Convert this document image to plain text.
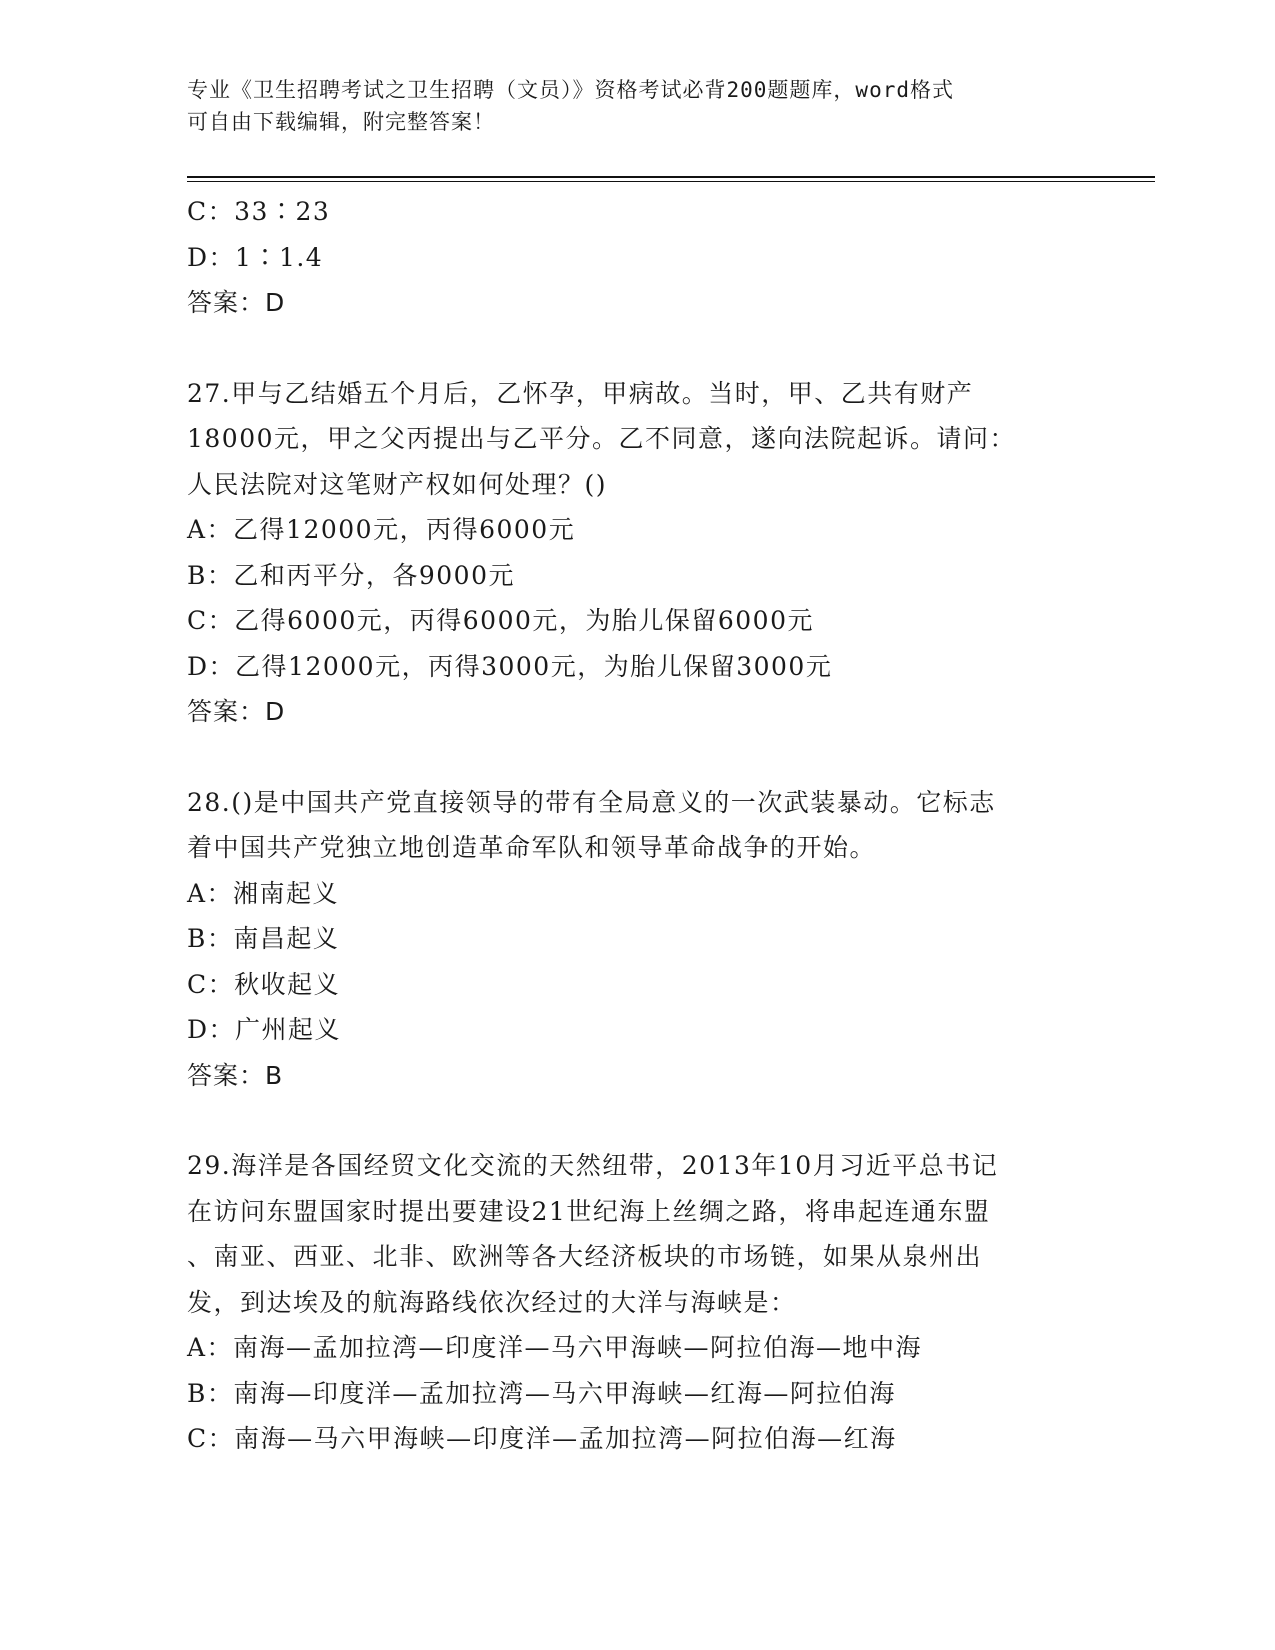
专业《卫生招聘考试之卫生招聘（文员）》资格考试必背200题题库，word格式
可自由下载编辑，附完整答案！
C：33∶23
D：1∶1.4
答案：D
27.甲与乙结婚五个月后，乙怀孕，甲病故。当时，甲、乙共有财产
18000元，甲之父丙提出与乙平分。乙不同意，遂向法院起诉。请问：
人民法院对这笔财产权如何处理？()
A：乙得12000元，丙得6000元
B：乙和丙平分，各9000元
C：乙得6000元，丙得6000元，为胎儿保留6000元
D：乙得12000元，丙得3000元，为胎儿保留3000元
答案：D
28.()是中国共产党直接领导的带有全局意义的一次武装暴动。它标志
着中国共产党独立地创造革命军队和领导革命战争的开始。
A：湘南起义
B：南昌起义
C：秋收起义
D：广州起义
答案：B
29.海洋是各国经贸文化交流的天然纽带，2013年10月习近平总书记
在访问东盟国家时提出要建设21世纪海上丝绸之路，将串起连通东盟
、南亚、西亚、北非、欧洲等各大经济板块的市场链，如果从泉州出
发，到达埃及的航海路线依次经过的大洋与海峡是：
A：南海—孟加拉湾—印度洋—马六甲海峡—阿拉伯海—地中海
B：南海—印度洋—孟加拉湾—马六甲海峡—红海—阿拉伯海
C：南海—马六甲海峡—印度洋—孟加拉湾—阿拉伯海—红海
